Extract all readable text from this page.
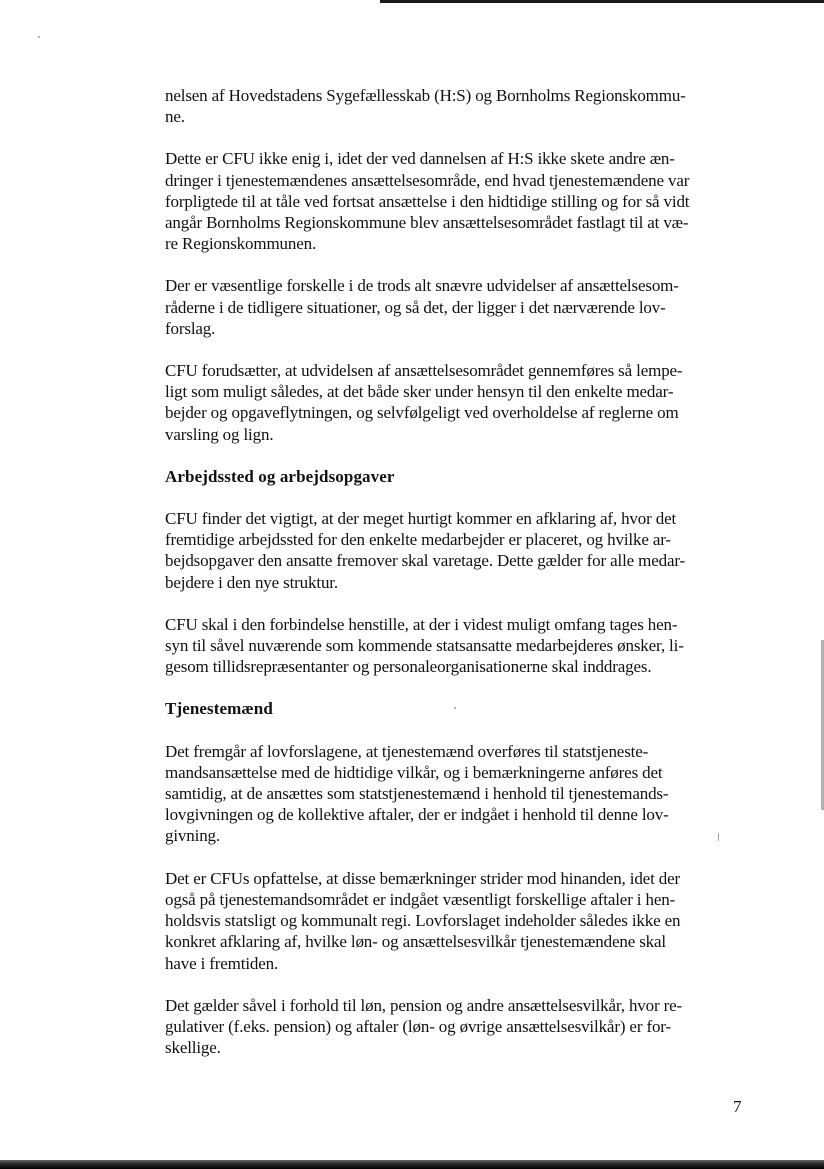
nelsen af Hovedstadens Sygefællesskab (H:S) og Bornholms Regionskommu-
ne.

Dette er CFU ikke enig i, idet der ved dannelsen af H:S ikke skete andre æn-
dringer i tjenestemændenes ansættelsesområde, end hvad tjenestemændene var
forpligtede til at tåle ved fortsat ansættelse i den hidtidige stilling og for så vidt
angår Bornholms Regionskommune blev ansættelsesområdet fastlagt til at væ-
re Regionskommunen.

Der er væsentlige forskelle i de trods alt snævre udvidelser af ansættelsesom-
råderne i de tidligere situationer, og så det, der ligger i det nærværende lov-
forslag.

CFU forudsætter, at udvidelsen af ansættelsesområdet gennemføres så lempe-
ligt som muligt således, at det både sker under hensyn til den enkelte medar-
bejder og opgaveflytningen, og selvfølgeligt ved overholdelse af reglerne om
varsling og lign.

Arbejdssted og arbejdsopgaver

CFU finder det vigtigt, at der meget hurtigt kommer en afklaring af, hvor det
fremtidige arbejdssted for den enkelte medarbejder er placeret, og hvilke ar-
bejdsopgaver den ansatte fremover skal varetage. Dette gælder for alle medar-
bejdere i den nye struktur.

CFU skal i den forbindelse henstille, at der i videst muligt omfang tages hen-
syn til såvel nuværende som kommende statsansatte medarbejderes ønsker, li-
gesom tillidsrepræsentanter og personaleorganisationerne skal inddrages.

Tjenestemænd

Det fremgår af lovforslagene, at tjenestemænd overføres til statstjeneste-
mandsansættelse med de hidtidige vilkår, og i bemærkningerne anføres det
samtidig, at de ansættes som statstjenestemænd i henhold til tjenestemands-
lovgivningen og de kollektive aftaler, der er indgået i henhold til denne lov-
givning.

Det er CFUs opfattelse, at disse bemærkninger strider mod hinanden, idet der
også på tjenestemandsområdet er indgået væsentligt forskellige aftaler i hen-
holdsvis statsligt og kommunalt regi. Lovforslaget indeholder således ikke en
konkret afklaring af, hvilke løn- og ansættelsesvilkår tjenestemændene skal
have i fremtiden.

Det gælder såvel i forhold til løn, pension og andre ansættelsesvilkår, hvor re-
gulativer (f.eks. pension) og aftaler (løn- og øvrige ansættelsesvilkår) er for-
skellige.

7
